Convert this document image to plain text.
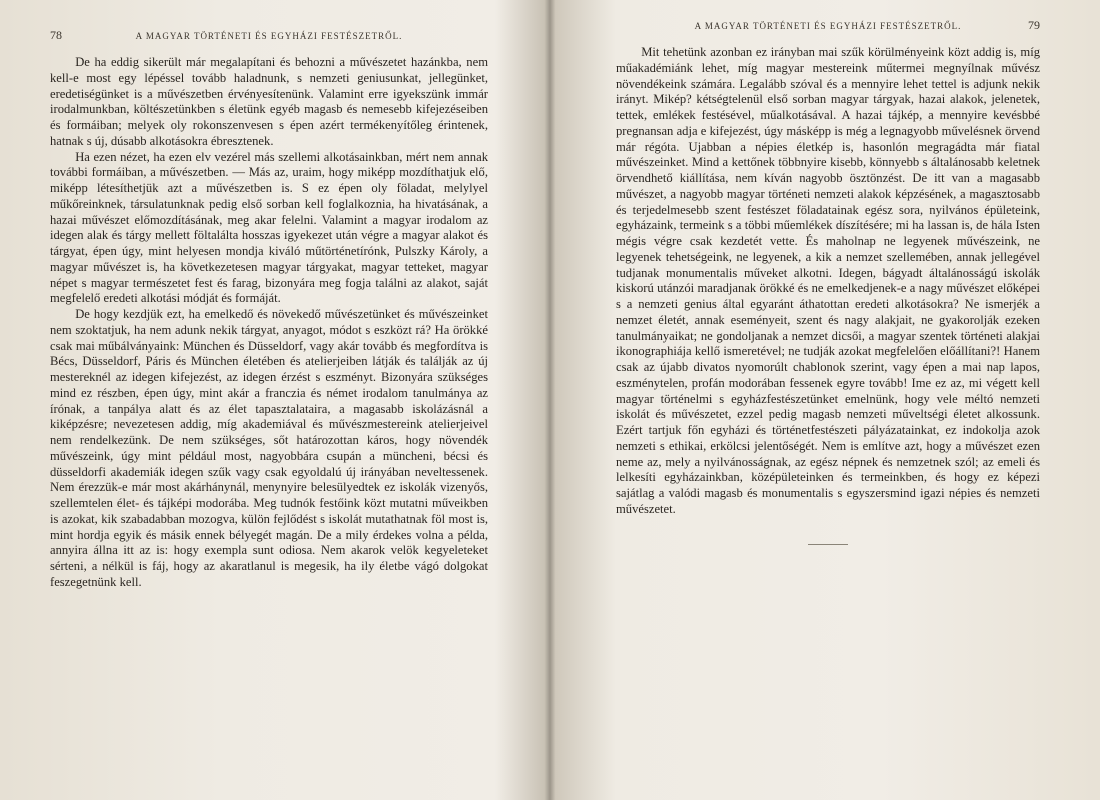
78	A MAGYAR TÖRTÉNETI ÉS EGYHÁZI FESTÉSZETRŐL.

De ha eddig sikerült már megalapítani és behozni a művészetet hazánkba, nem kell-e most egy lépéssel tovább haladnunk, s nemzeti geniusunkat, jellegünket, eredetiségünket is a művészetben érvényesítenünk. Valamint erre igyekszünk immár irodalmunkban, költészetünkben s életünk egyéb magasb és nemesebb kifejezéseiben és formáiban; melyek oly rokonszenvesen s épen azért termékenyítőleg érintenek, hatnak s új, dúsabb alkotásokra ébresztenek.

Ha ezen nézet, ha ezen elv vezérel más szellemi alkotásainkban, mért nem annak további formáiban, a művészetben. — Más az, uraim, hogy miképp mozdíthatjuk elő, miképp létesíthetjük azt a művészetben is. S ez épen oly föladat, melylyel műkőreinknek, társulatunknak pedig első sorban kell foglalkoznia, ha hivatásának, a hazai művészet előmozdításának, meg akar felelni. Valamint a magyar irodalom az idegen alak és tárgy mellett föltalálta hosszas igyekezet után végre a magyar alakot és tárgyat, épen úgy, mint helyesen mondja kiváló műtörténetírónk, Pulszky Károly, a magyar művészet is, ha következetesen magyar tárgyakat, magyar tetteket, magyar népet s magyar természetet fest és farag, bizonyára meg fogja találni az alakot, saját megfelelő eredeti alkotási módját és formáját.

De hogy kezdjük ezt, ha emelkedő és növekedő művészetünket és művészeinket nem szoktatjuk, ha nem adunk nekik tárgyat, anyagot, módot s eszközt rá? Ha örökké csak mai műbálványaink: München és Düsseldorf, vagy akár tovább és megfordítva is Bécs, Düsseldorf, Páris és München életében és atelierjeiben látják és találják az új mestereknél az idegen kifejezést, az idegen érzést s eszményt. Bizonyára szükséges mind ez részben, épen úgy, mint akár a franczia és német irodalom tanulmánya az írónak, a tanpálya alatt és az élet tapasztalataira, a magasabb iskolázásnál a kiképzésre; nevezetesen addig, míg akademiával és művészmestereink atelierjeivel nem rendelkezünk. De nem szükséges, sőt határozottan káros, hogy növendék művészeink, úgy mint például most, nagyobbára csupán a müncheni, bécsi és düsseldorfi akademiák idegen szűk vagy csak egyoldalú új irányában neveltessenek. Nem érezzük-e már most akárhánynál, menynyire belesülyedtek ez iskolák vizenyős, szellemtelen élet- és tájképi modorába. Meg tudnók festőink közt mutatni műveikben is azokat, kik szabadabban mozogva, külön fejlődést s iskolát mutathatnak föl most is, mint hordja egyik és másik ennek bélyegét magán. De a mily érdekes volna a példa, annyira állna itt az is: hogy exempla sunt odiosa. Nem akarok velök kegyeleteket sérteni, a nélkül is fáj, hogy az akaratlanul is megesik, ha ily életbe vágó dolgokat feszegetnünk kell.

A MAGYAR TÖRTÉNETI ÉS EGYHÁZI FESTÉSZETRŐL.	79

Mit tehetünk azonban ez irányban mai szűk körülményeink közt addig is, míg műakadémiánk lehet, míg magyar mestereink műtermei megnyílnak művész növendékeink számára. Legalább szóval és a mennyire lehet tettel is adjunk nekik irányt. Mikép? kétségtelenül első sorban magyar tárgyak, hazai alakok, jelenetek, tettek, emlékek festésével, műalkotásával. A hazai tájkép, a mennyire kevésbbé pregnansan adja e kifejezést, úgy másképp is még a legnagyobb művelésnek örvend már régóta. Ujabban a népies életkép is, hasonlón megragádta már fiatal művészeinket. Mind a kettőnek többnyire kisebb, könnyebb s általánosabb keletnek örvendhető kiállítása, nem kíván nagyobb ösztönzést. De itt van a magasabb művészet, a nagyobb magyar történeti nemzeti alakok képzésének, a magasztosabb és terjedelmesebb szent festészet föladatainak egész sora, nyilvános épületeink, egyházaink, termeink s a többi műemlékek díszítésére; mi ha lassan is, de hála Isten mégis végre csak kezdetét vette. És maholnap ne legyenek művészeink, ne legyenek tehetségeink, ne legyenek, a kik a nemzet szellemében, annak jellegével tudjanak monumentalis műveket alkotni. Idegen, bágyadt általánosságú iskolák kiskorú utánzói maradjanak örökké és ne emelkedjenek-e a nagy művészet előképei s a nemzeti genius által egyaránt áthatottan eredeti alkotásokra? Ne ismerjék a nemzet életét, annak eseményeit, szent és nagy alakjait, ne gyakorolják ezeken tanulmányaikat; ne gondoljanak a nemzet dicsői, a magyar szentek történeti alakjai ikonographiája kellő ismeretével; ne tudják azokat megfelelően előállítani?! Hanem csak az újabb divatos nyomorúlt chablonok szerint, vagy épen a mai nap lapos, eszménytelen, profán modorában fessenek egyre tovább! Ime ez az, mi végett kell magyar történelmi s egyházfestészetünket emelnünk, hogy vele méltó nemzeti iskolát és művészetet, ezzel pedig magasb nemzeti műveltségi életet alkossunk. Ezért tartjuk főn egyházi és történetfestészeti pályázatainkat, ez indokolja azok nemzeti s ethikai, erkölcsi jelentőségét. Nem is említve azt, hogy a művészet ezen neme az, mely a nyilvánosságnak, az egész népnek és nemzetnek szól; az emeli és lelkesíti egyházainkban, középületeinken és termeinkben, és hogy ez képezi sajátlag a valódi magasb és monumentalis s egyszersmind igazi népies és nemzeti művészetet.
